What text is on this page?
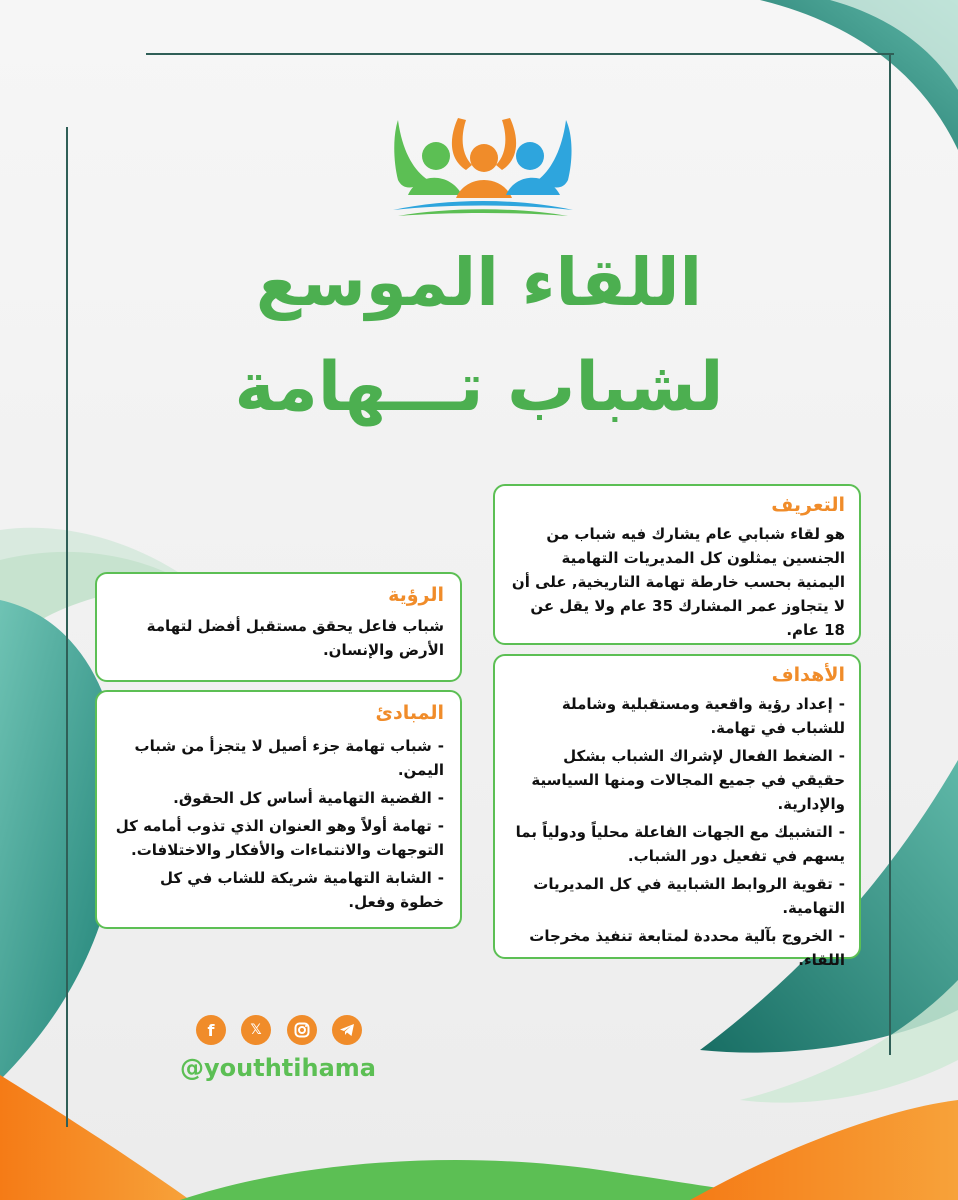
اللقاء الموسع
لشباب تـــهامة
التعريف

هو لقاء شبابي عام يشارك فيه شباب من الجنسين يمثلون كل المديريات التهامية اليمنية بحسب خارطة تهامة التاريخية, على أن لا يتجاوز عمر المشارك 35 عام ولا يقل عن 18 عام.

الأهداف
-إعداد رؤية واقعية ومستقبلية وشاملة للشباب في تهامة.
-الضغط الفعال لإشراك الشباب بشكل حقيقي في جميع المجالات ومنها السياسية والإدارية.
-التشبيك مع الجهات الفاعلة محلياً ودولياً بما يسهم في تفعيل دور الشباب.
-تقوية الروابط الشبابية في كل المديريات التهامية.
-الخروج بآلية محددة لمتابعة تنفيذ مخرجات اللقاء.
الرؤية

شباب فاعل يحقق مستقبل أفضل لتهامة الأرض والإنسان.

المبادئ
-شباب تهامة جزء أصيل لا يتجزأ من شباب اليمن.
-القضية التهامية أساس كل الحقوق.
-تهامة أولاً وهو العنوان الذي تذوب أمامه كل التوجهات والانتماءات والأفكار والاختلافات.
-الشابة التهامية شريكة للشاب في كل خطوة وفعل.
f	𝕏
@youthtihama
